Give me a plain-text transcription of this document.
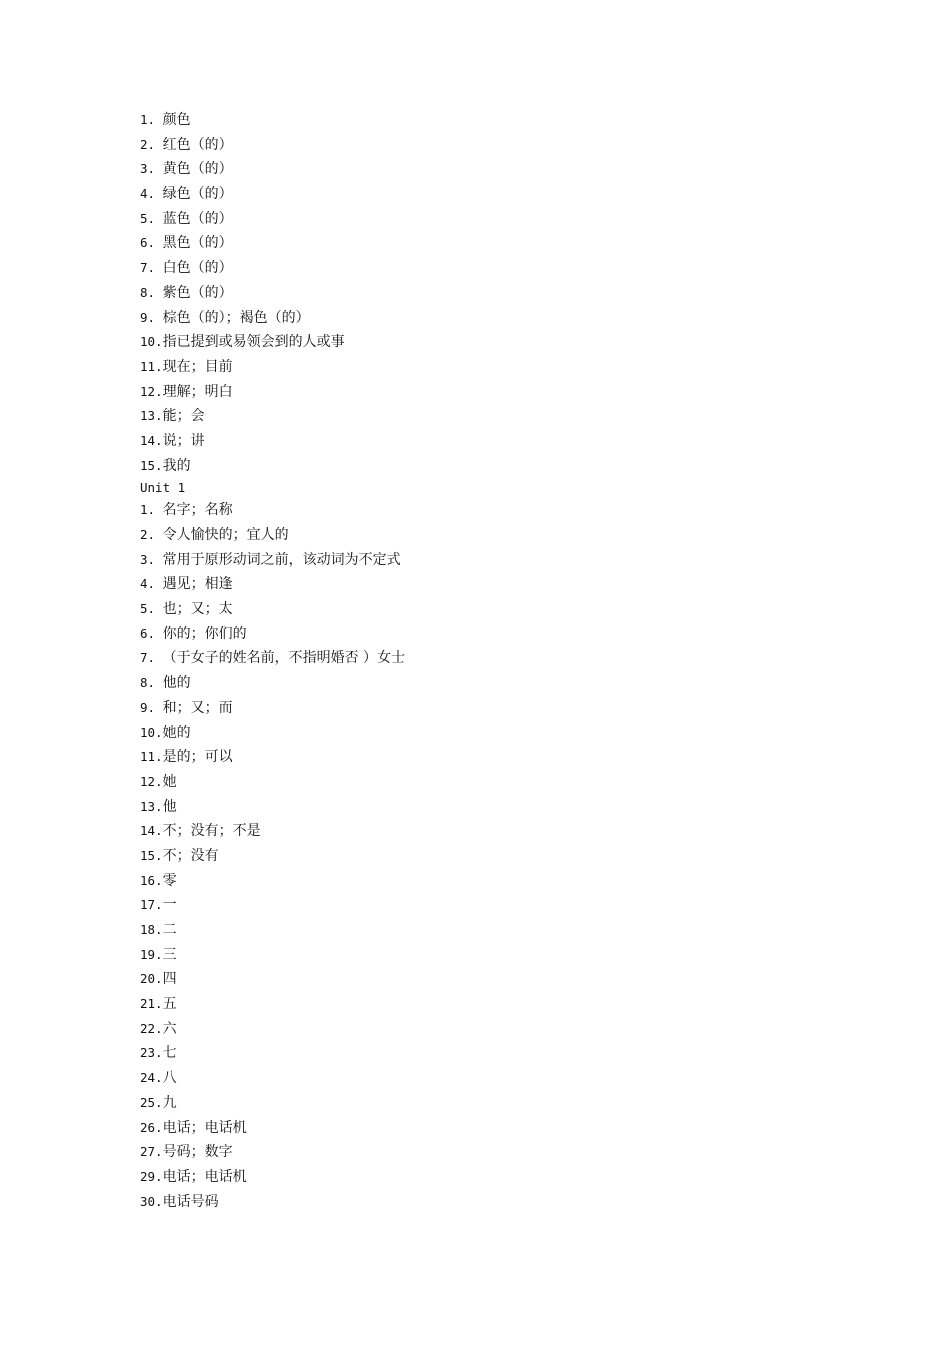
1. 颜色
2. 红色（的）
3. 黄色（的）
4. 绿色（的）
5. 蓝色（的）
6. 黑色（的）
7. 白色（的）
8. 紫色（的）
9. 棕色（的）；褐色（的）
10.指已提到或易领会到的人或事
11.现在；目前
12.理解；明白
13.能；会
14.说；讲
15.我的
Unit 1
1. 名字；名称
2. 令人愉快的；宜人的
3. 常用于原形动词之前，该动词为不定式
4. 遇见；相逢
5. 也；又；太
6. 你的；你们的
7. （于女子的姓名前，不指明婚否 ）女士
8. 他的
9. 和；又；而
10.她的
11.是的；可以
12.她
13.他
14.不；没有；不是
15.不；没有
16.零
17.一
18.二
19.三
20.四
21.五
22.六
23.七
24.八
25.九
26.电话；电话机
27.号码；数字
29.电话；电话机
30.电话号码
